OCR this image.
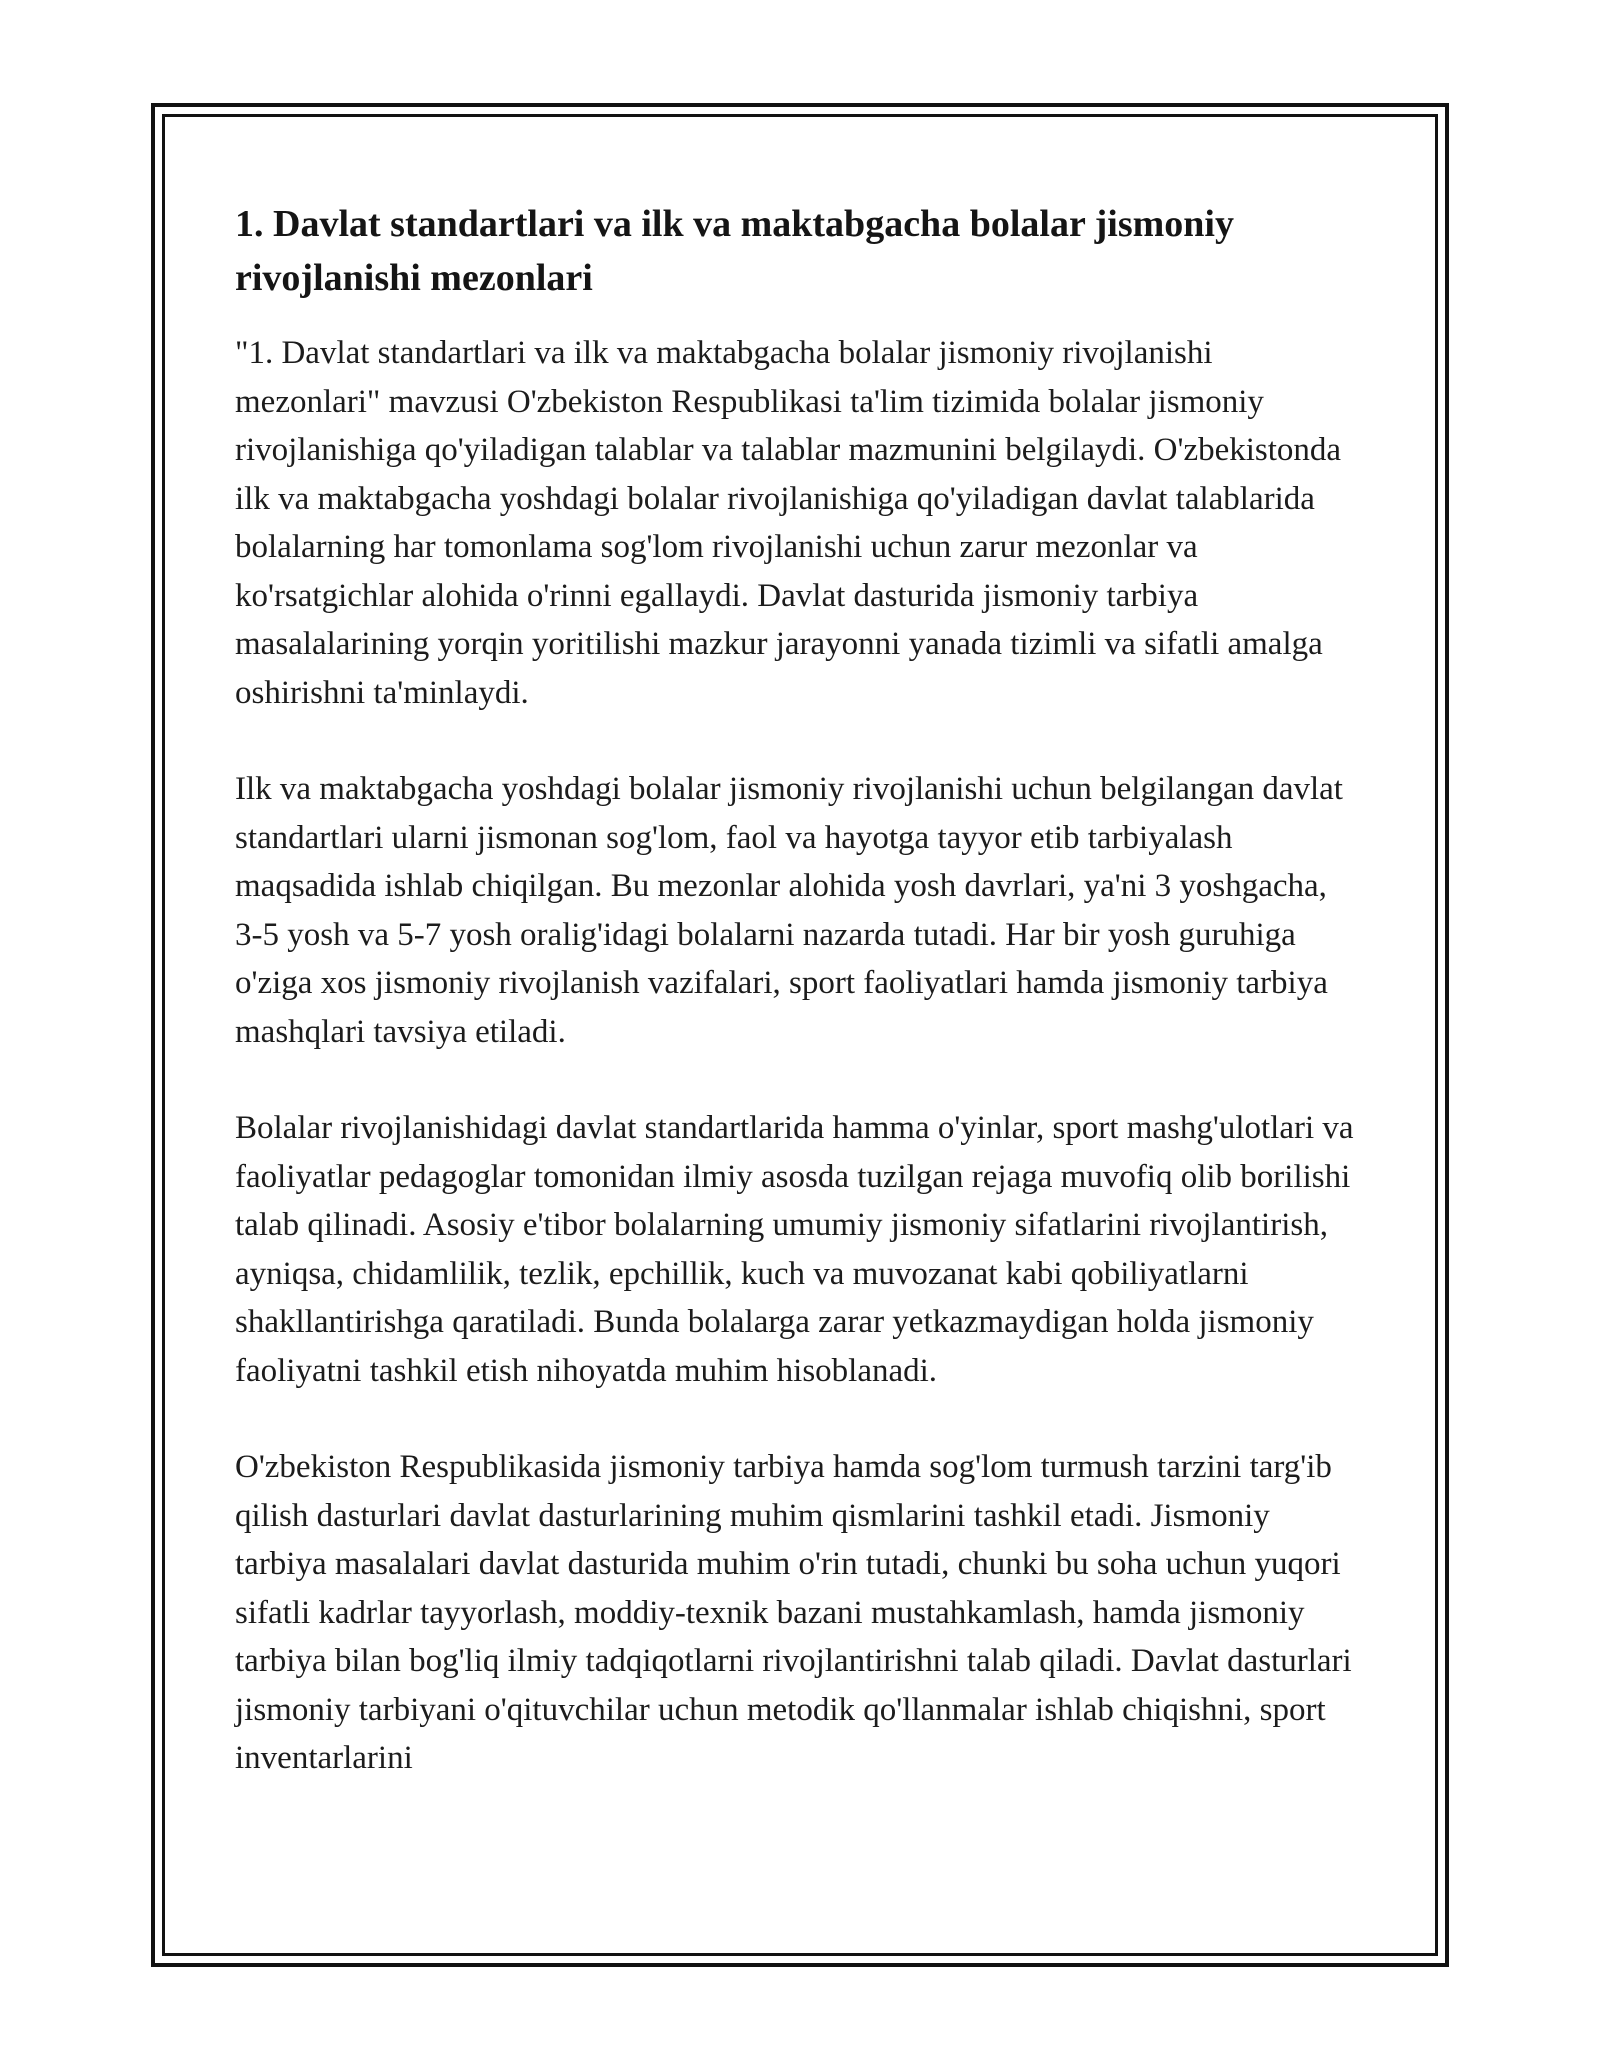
1. Davlat standartlari va ilk va maktabgacha bolalar jismoniy rivojlanishi mezonlari

"1. Davlat standartlari va ilk va maktabgacha bolalar jismoniy rivojlanishi mezonlari" mavzusi O'zbekiston Respublikasi ta'lim tizimida bolalar jismoniy rivojlanishiga qo'yiladigan talablar va talablar mazmunini belgilaydi. O'zbekistonda ilk va maktabgacha yoshdagi bolalar rivojlanishiga qo'yiladigan davlat talablarida bolalarning har tomonlama sog'lom rivojlanishi uchun zarur mezonlar va ko'rsatgichlar alohida o'rinni egallaydi. Davlat dasturida jismoniy tarbiya masalalarining yorqin yoritilishi mazkur jarayonni yanada tizimli va sifatli amalga oshirishni ta'minlaydi.

Ilk va maktabgacha yoshdagi bolalar jismoniy rivojlanishi uchun belgilangan davlat standartlari ularni jismonan sog'lom, faol va hayotga tayyor etib tarbiyalash maqsadida ishlab chiqilgan. Bu mezonlar alohida yosh davrlari, ya'ni 3 yoshgacha, 3-5 yosh va 5-7 yosh oralig'idagi bolalarni nazarda tutadi. Har bir yosh guruhiga o'ziga xos jismoniy rivojlanish vazifalari, sport faoliyatlari hamda jismoniy tarbiya mashqlari tavsiya etiladi.

Bolalar rivojlanishidagi davlat standartlarida hamma o'yinlar, sport mashg'ulotlari va faoliyatlar pedagoglar tomonidan ilmiy asosda tuzilgan rejaga muvofiq olib borilishi talab qilinadi. Asosiy e'tibor bolalarning umumiy jismoniy sifatlarini rivojlantirish, ayniqsa, chidamlilik, tezlik, epchillik, kuch va muvozanat kabi qobiliyatlarni shakllantirishga qaratiladi. Bunda bolalarga zarar yetkazmaydigan holda jismoniy faoliyatni tashkil etish nihoyatda muhim hisoblanadi.

O'zbekiston Respublikasida jismoniy tarbiya hamda sog'lom turmush tarzini targ'ib qilish dasturlari davlat dasturlarining muhim qismlarini tashkil etadi. Jismoniy tarbiya masalalari davlat dasturida muhim o'rin tutadi, chunki bu soha uchun yuqori sifatli kadrlar tayyorlash, moddiy-texnik bazani mustahkamlash, hamda jismoniy tarbiya bilan bog'liq ilmiy tadqiqotlarni rivojlantirishni talab qiladi. Davlat dasturlari jismoniy tarbiyani o'qituvchilar uchun metodik qo'llanmalar ishlab chiqishni, sport inventarlarini
